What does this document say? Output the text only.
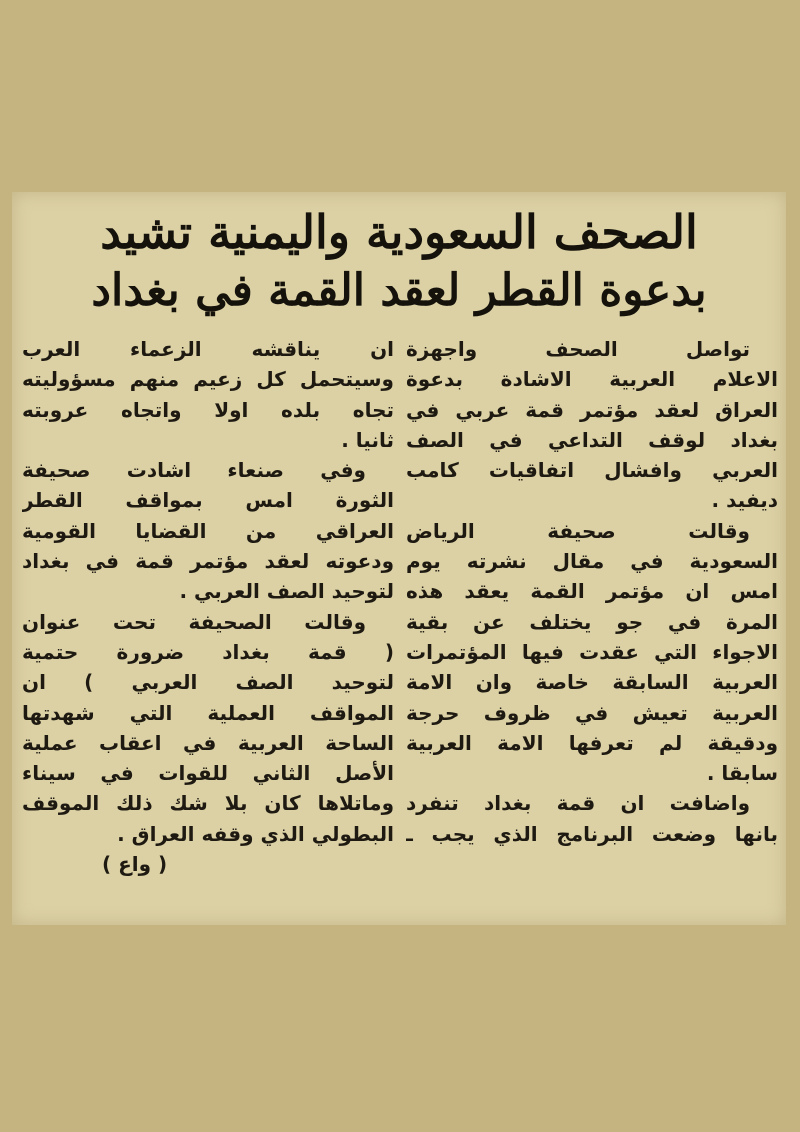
الصحف السعودية واليمنية تشيد
بدعوة القطر لعقد القمة في بغداد
تواصل الصحف واجهزة
الاعلام العربية الاشادة بدعوة
العراق لعقد مؤتمر قمة عربي في
بغداد لوقف التداعي في الصف
العربي وافشال اتفاقيات كامب
ديفيد .
وقالت صحيفة الرياض
السعودية في مقال نشرته يوم
امس ان مؤتمر القمة يعقد هذه
المرة في جو يختلف عن بقية
الاجواء التي عقدت فيها المؤتمرات
العربية السابقة خاصة وان الامة
العربية تعيش في ظروف حرجة
ودقيقة لم تعرفها الامة العربية
سابقا .
واضافت ان قمة بغداد تنفرد
بانها وضعت البرنامج الذي يجب ـ
ان يناقشه الزعماء العرب
وسيتحمل كل زعيم منهم مسؤوليته
تجاه بلده اولا واتجاه عروبته
ثانيا .
وفي صنعاء اشادت صحيفة
الثورة امس بمواقف القطر
العراقي من القضايا القومية
ودعوته لعقد مؤتمر قمة في بغداد
لتوحيد الصف العربي .
وقالت الصحيفة تحت عنوان
( قمة بغداد ضرورة حتمية
لتوحيد الصف العربي ) ان
المواقف العملية التي شهدتها
الساحة العربية في اعقاب عملية
الأصل الثاني للقوات في سيناء
وماتلاها كان بلا شك ذلك الموقف
البطولي الذي وقفه العراق .
( واع )
